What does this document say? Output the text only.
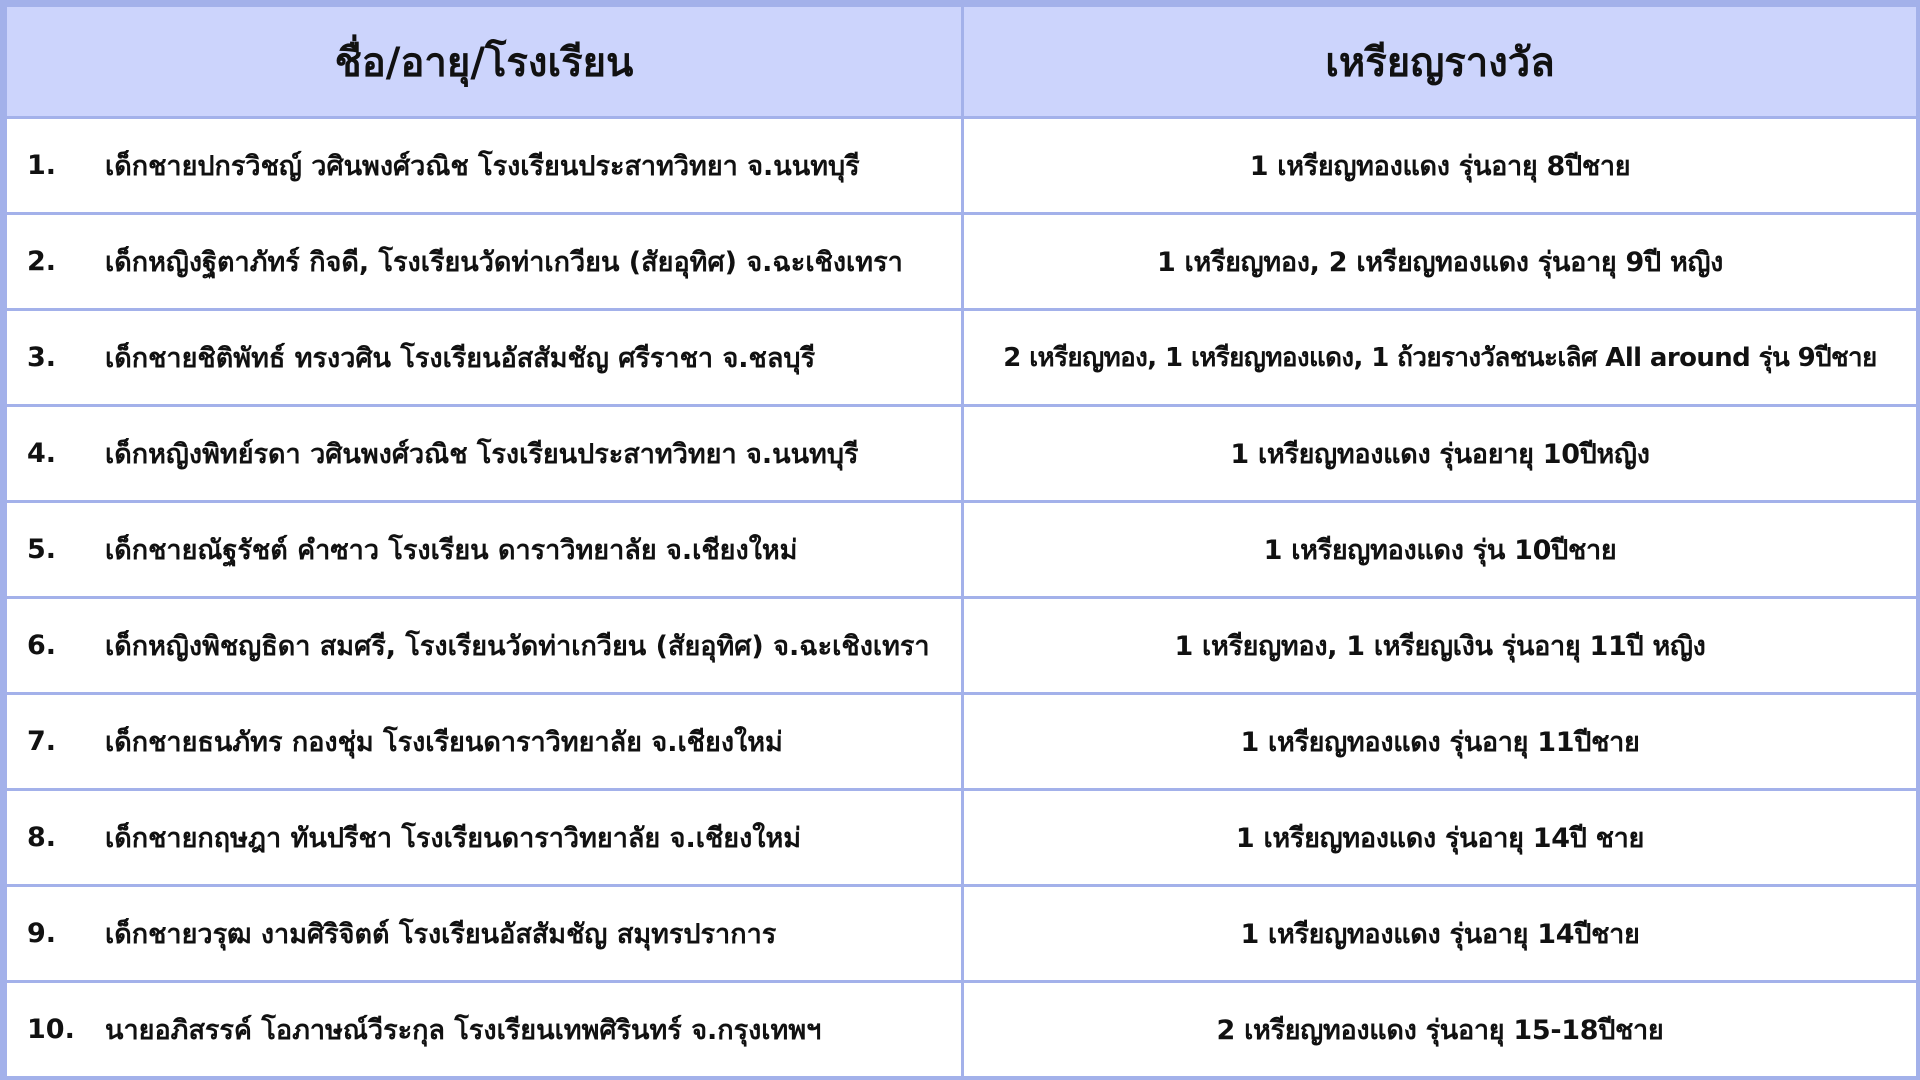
ชื่อ/อายุ/โรงเรียน	เหรียญรางวัล

1. เด็กชายปกรวิชญ์ วศินพงศ์วณิช โรงเรียนประสาทวิทยา จ.นนทบุรี	1 เหรียญทองแดง รุ่นอายุ 8ปีชาย

2. เด็กหญิงฐิตาภัทร์ กิจดี, โรงเรียนวัดท่าเกวียน (สัยอุทิศ) จ.ฉะเชิงเทรา	1 เหรียญทอง, 2 เหรียญทองแดง รุ่นอายุ 9ปี หญิง

3. เด็กชายชิติพัทธ์ ทรงวศิน โรงเรียนอัสสัมชัญ ศรีราชา จ.ชลบุรี	2 เหรียญทอง, 1 เหรียญทองแดง, 1 ถ้วยรางวัลชนะเลิศ All around รุ่น 9ปีชาย

4. เด็กหญิงพิทย์รดา วศินพงศ์วณิช โรงเรียนประสาทวิทยา จ.นนทบุรี	1 เหรียญทองแดง รุ่นอยายุ 10ปีหญิง

5. เด็กชายณัฐรัชต์ คำซาว โรงเรียน ดาราวิทยาลัย จ.เชียงใหม่	1 เหรียญทองแดง รุ่น 10ปีชาย

6. เด็กหญิงพิชญธิดา สมศรี, โรงเรียนวัดท่าเกวียน (สัยอุทิศ) จ.ฉะเชิงเทรา	1 เหรียญทอง, 1 เหรียญเงิน รุ่นอายุ 11ปี หญิง

7. เด็กชายธนภัทร กองชุ่ม โรงเรียนดาราวิทยาลัย จ.เชียงใหม่	1 เหรียญทองแดง รุ่นอายุ 11ปีชาย

8. เด็กชายกฤษฎา ทันปรีชา โรงเรียนดาราวิทยาลัย จ.เชียงใหม่	1 เหรียญทองแดง รุ่นอายุ 14ปี ชาย

9. เด็กชายวรุฒ งามศิริจิตต์ โรงเรียนอัสสัมชัญ สมุทรปราการ	1 เหรียญทองแดง รุ่นอายุ 14ปีชาย

10. นายอภิสรรค์ โอภาษณ์วีระกุล โรงเรียนเทพศิรินทร์ จ.กรุงเทพฯ	2 เหรียญทองแดง รุ่นอายุ 15-18ปีชาย
